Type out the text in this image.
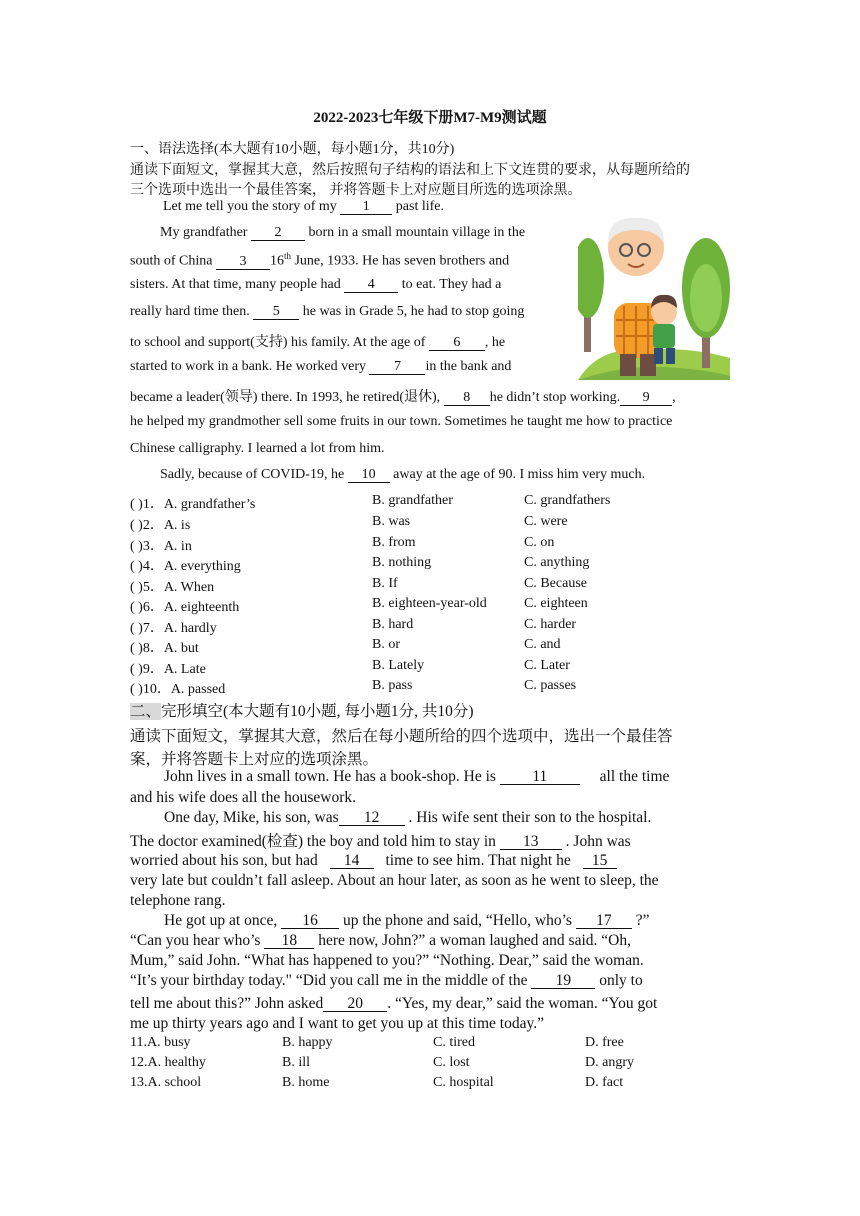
2022-2023七年级下册M7-M9测试题
一、语法选择(本大题有10小题，每小题1分，共10分)
通读下面短文，掌握其大意，然后按照句子结构的语法和上下文连贯的要求，从每题所给的
三个选项中选出一个最佳答案， 并将答题卡上对应题目所选的选项涂黑。
Let me tell you the story of my 1 past life.
My grandfather 2 born in a small mountain village in the
south of China 3 16th June, 1933. He has seven brothers and
sisters. At that time, many people had 4 to eat. They had a
really hard time then. 5 he was in Grade 5, he had to stop going
to school and support(支持) his family. At the age of 6 , he
started to work in a bank. He worked very 7 in the bank and
became a leader(领导) there. In 1993, he retired(退休), 8 he didn’t stop working. 9 ,
he helped my grandmother sell some fruits in our town. Sometimes he taught me how to practice
Chinese calligraphy. I learned a lot from him.
Sadly, because of COVID-19, he 10 away at the age of 90. I miss him very much.
( )1．A. grandfather’s	B. grandfather	C. grandfathers
( )2．A. is	B. was	C. were
( )3．A. in	B. from	C. on
( )4．A. everything	B. nothing	C. anything
( )5．A. When	B. If	C. Because
( )6．A. eighteenth	B. eighteen-year-old	C. eighteen
( )7．A. hardly	B. hard	C. harder
( )8．A. but	B. or	C. and
( )9．A. Late	B. Lately	C. Later
( )10．A. passed	B. pass	C. passes
二、完形填空(本大题有10小题, 每小题1分, 共10分)
通读下面短文，掌握其大意，然后在每小题所给的四个选项中，选出一个最佳答
案，并将答题卡上对应的选项涂黑。
John lives in a small town. He has a book-shop. He is 11	all the time
and his wife does all the housework.
One day, Mike, his son, was 12 . His wife sent their son to the hospital.
The doctor examined(检查) the boy and told him to stay in 13 . John was
worried about his son, but had 14 time to see him. That night he 15
very late but couldn’t fall asleep. About an hour later, as soon as he went to sleep, the
telephone rang.
He got up at once, 16 up the phone and said, “Hello, who’s 17 ?”
“Can you hear who’s 18 here now, John?” a woman laughed and said. “Oh,
Mum,” said John. “What has happened to you?” “Nothing. Dear,” said the woman.
“It’s your birthday today." “Did you call me in the middle of the 19 only to
tell me about this?” John asked 20 . “Yes, my dear,” said the woman. “You got
me up thirty years ago and I want to get you up at this time today.”
11.A. busy	B. happy	C. tired	D. free
12.A. healthy	B. ill	C. lost	D. angry
13.A. school	B. home	C. hospital	D. fact
